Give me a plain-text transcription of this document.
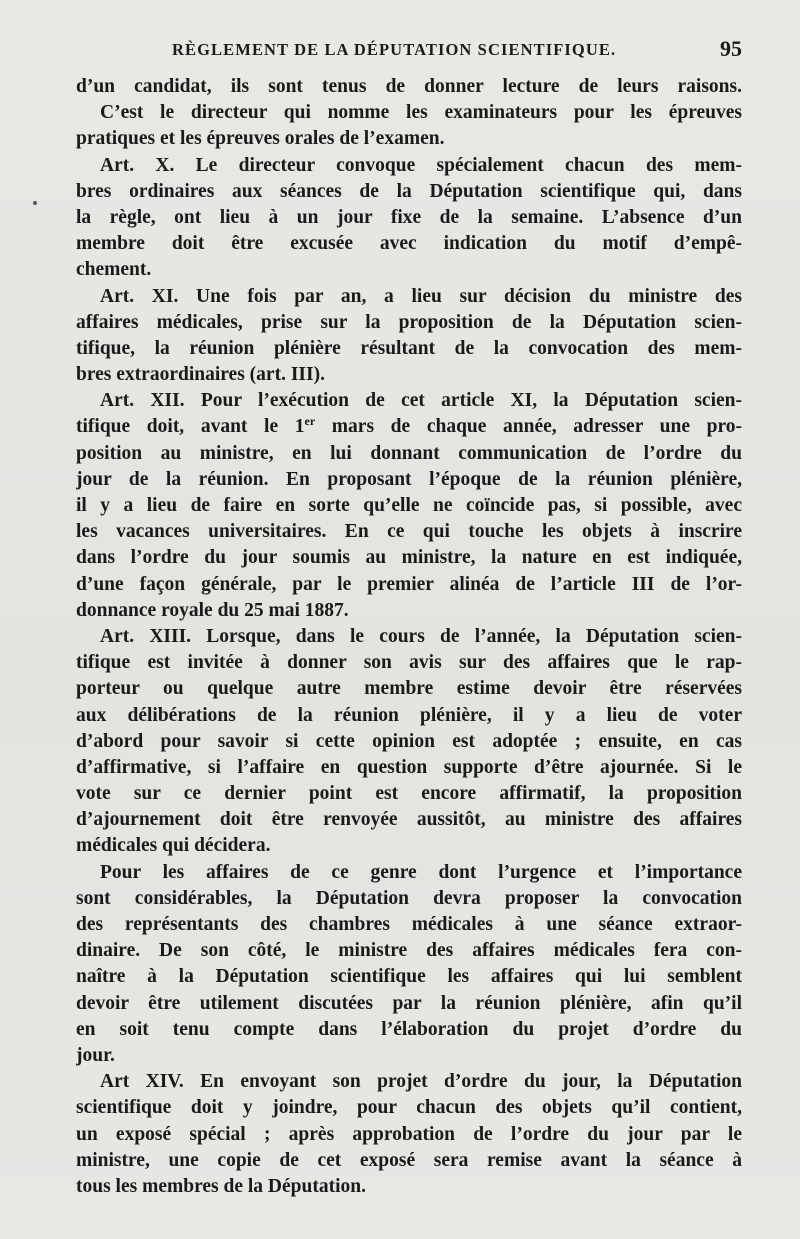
RÈGLEMENT DE LA DÉPUTATION SCIENTIFIQUE.	95
d’un candidat, ils sont tenus de donner lecture de leurs raisons.
C’est le directeur qui nomme les examinateurs pour les épreuves
pratiques et les épreuves orales de l’examen.
Art. X. Le directeur convoque spécialement chacun des mem-
bres ordinaires aux séances de la Députation scientifique qui, dans
la règle, ont lieu à un jour fixe de la semaine. L’absence d’un
membre doit être excusée avec indication du motif d’empê-
chement.
Art. XI. Une fois par an, a lieu sur décision du ministre des
affaires médicales, prise sur la proposition de la Députation scien-
tifique, la réunion plénière résultant de la convocation des mem-
bres extraordinaires (art. III).
Art. XII. Pour l’exécution de cet article XI, la Députation scien-
tifique doit, avant le 1er mars de chaque année, adresser une pro-
position au ministre, en lui donnant communication de l’ordre du
jour de la réunion. En proposant l’époque de la réunion plénière,
il y a lieu de faire en sorte qu’elle ne coïncide pas, si possible, avec
les vacances universitaires. En ce qui touche les objets à inscrire
dans l’ordre du jour soumis au ministre, la nature en est indiquée,
d’une façon générale, par le premier alinéa de l’article III de l’or-
donnance royale du 25 mai 1887.
Art. XIII. Lorsque, dans le cours de l’année, la Députation scien-
tifique est invitée à donner son avis sur des affaires que le rap-
porteur ou quelque autre membre estime devoir être réservées
aux délibérations de la réunion plénière, il y a lieu de voter
d’abord pour savoir si cette opinion est adoptée ; ensuite, en cas
d’affirmative, si l’affaire en question supporte d’être ajournée. Si le
vote sur ce dernier point est encore affirmatif, la proposition
d’ajournement doit être renvoyée aussitôt, au ministre des affaires
médicales qui décidera.
Pour les affaires de ce genre dont l’urgence et l’importance
sont considérables, la Députation devra proposer la convocation
des représentants des chambres médicales à une séance extraor-
dinaire. De son côté, le ministre des affaires médicales fera con-
naître à la Députation scientifique les affaires qui lui semblent
devoir être utilement discutées par la réunion plénière, afin qu’il
en soit tenu compte dans l’élaboration du projet d’ordre du
jour.
Art XIV. En envoyant son projet d’ordre du jour, la Députation
scientifique doit y joindre, pour chacun des objets qu’il contient,
un exposé spécial ; après approbation de l’ordre du jour par le
ministre, une copie de cet exposé sera remise avant la séance à
tous les membres de la Députation.
